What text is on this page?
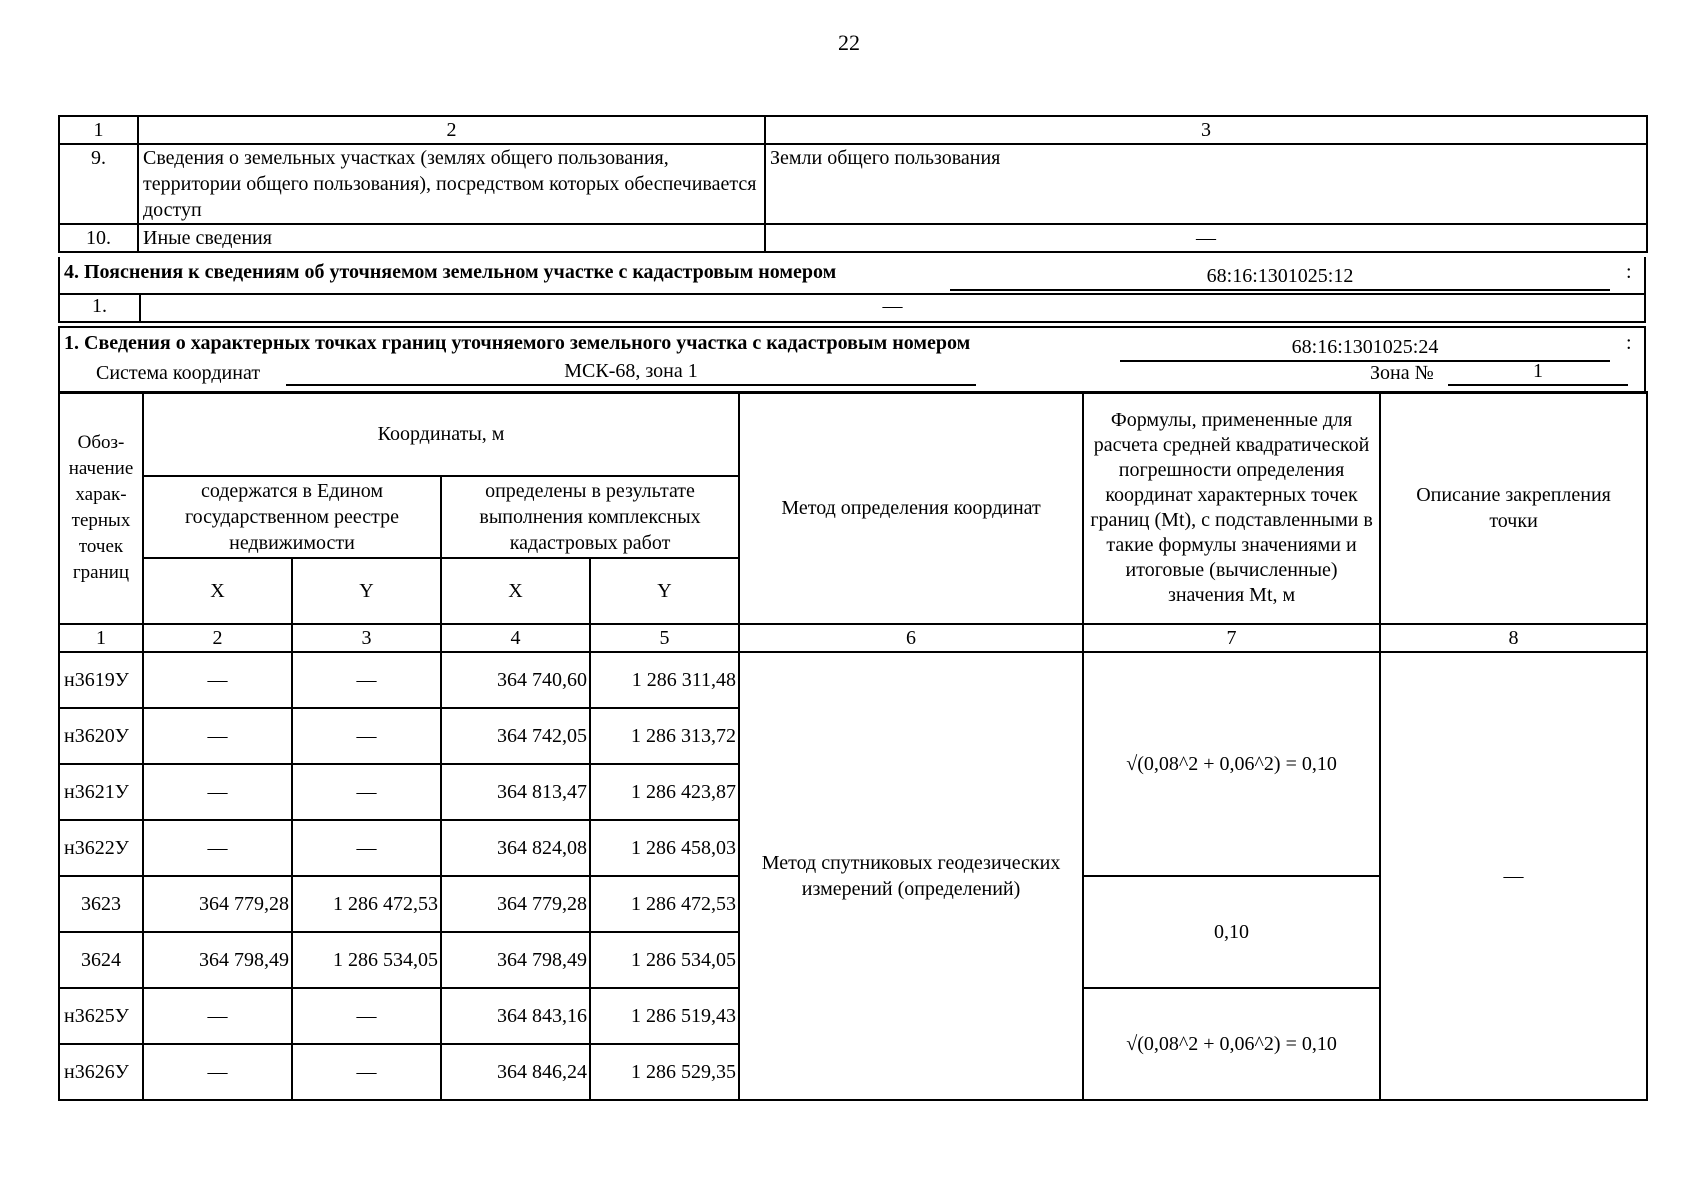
22
1	2	3
9.	Сведения о земельных участках (землях общего пользования, территории общего пользования), посредством которых обеспечивается доступ	Земли общего пользования
10.	Иные сведения	—
4. Пояснения к сведениям об уточняемом земельном участке с кадастровым номером	68:16:1301025:12	:
1.	—
1. Сведения о характерных точках границ уточняемого земельного участка с кадастровым номером	68:16:1301025:24	:
Система координат	МСК-68, зона 1	Зона №	1
Обоз-начение харак-терных точек границ	Координаты, м				Метод определения координат	Формулы, примененные для расчета средней квадратической погрешности определения координат характерных точек границ (Mt), с подставленными в такие формулы значениями и итоговые (вычисленные) значения Mt, м	Описание закрепления точки
	содержатся в Едином государственном реестре недвижимости		определены в результате выполнения комплексных кадастровых работ				
	X	Y	X	Y			
1	2	3	4	5	6	7	8
н3619У	—	—	364 740,60	1 286 311,48	Метод спутниковых геодезических измерений (определений)	√(0,08^2 + 0,06^2) = 0,10	—
н3620У	—	—	364 742,05	1 286 313,72			
н3621У	—	—	364 813,47	1 286 423,87			
н3622У	—	—	364 824,08	1 286 458,03			
3623	364 779,28	1 286 472,53	364 779,28	1 286 472,53		0,10	
3624	364 798,49	1 286 534,05	364 798,49	1 286 534,05			
н3625У	—	—	364 843,16	1 286 519,43		√(0,08^2 + 0,06^2) = 0,10	
н3626У	—	—	364 846,24	1 286 529,35			
